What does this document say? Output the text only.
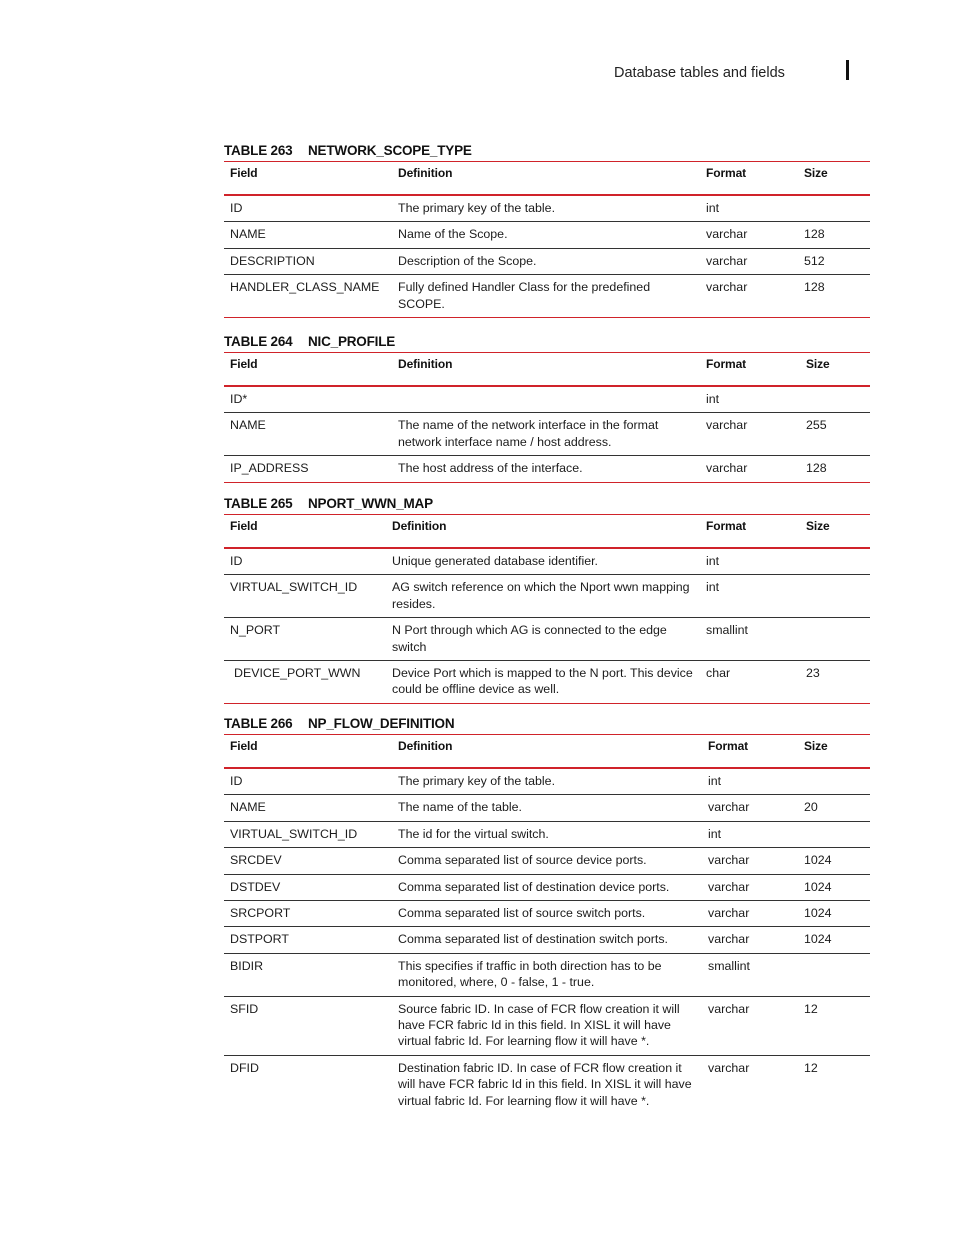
Database tables and fields
TABLE 263 NETWORK_SCOPE_TYPE
Field	Definition	Format	Size
ID	The primary key of the table.	int	
NAME	Name of the Scope.	varchar	128
DESCRIPTION	Description of the Scope.	varchar	512
HANDLER_CLASS_NAME	Fully defined Handler Class for the predefined SCOPE.	varchar	128
TABLE 264 NIC_PROFILE
Field	Definition	Format	Size
ID*		int	
NAME	The name of the network interface in the format network interface name / host address.	varchar	255
IP_ADDRESS	The host address of the interface.	varchar	128
TABLE 265 NPORT_WWN_MAP
Field	Definition	Format	Size
ID	Unique generated database identifier.	int	
VIRTUAL_SWITCH_ID	AG switch reference on which the Nport wwn mapping resides.	int	
N_PORT	N Port through which AG is connected to the edge switch	smallint	
DEVICE_PORT_WWN	Device Port which is mapped to the N port. This device could be offline device as well.	char	23
TABLE 266 NP_FLOW_DEFINITION
Field	Definition	Format	Size
ID	The primary key of the table.	int	
NAME	The name of the table.	varchar	20
VIRTUAL_SWITCH_ID	The id for the virtual switch.	int	
SRCDEV	Comma separated list of source device ports.	varchar	1024
DSTDEV	Comma separated list of destination device ports.	varchar	1024
SRCPORT	Comma separated list of source switch ports.	varchar	1024
DSTPORT	Comma separated list of destination switch ports.	varchar	1024
BIDIR	This specifies if traffic in both direction has to be monitored, where, 0 - false, 1 - true.	smallint	
SFID	Source fabric ID. In case of FCR flow creation it will have FCR fabric Id in this field. In XISL it will have virtual fabric Id. For learning flow it will have *.	varchar	12
DFID	Destination fabric ID. In case of FCR flow creation it will have FCR fabric Id in this field. In XISL it will have virtual fabric Id. For learning flow it will have *.	varchar	12
